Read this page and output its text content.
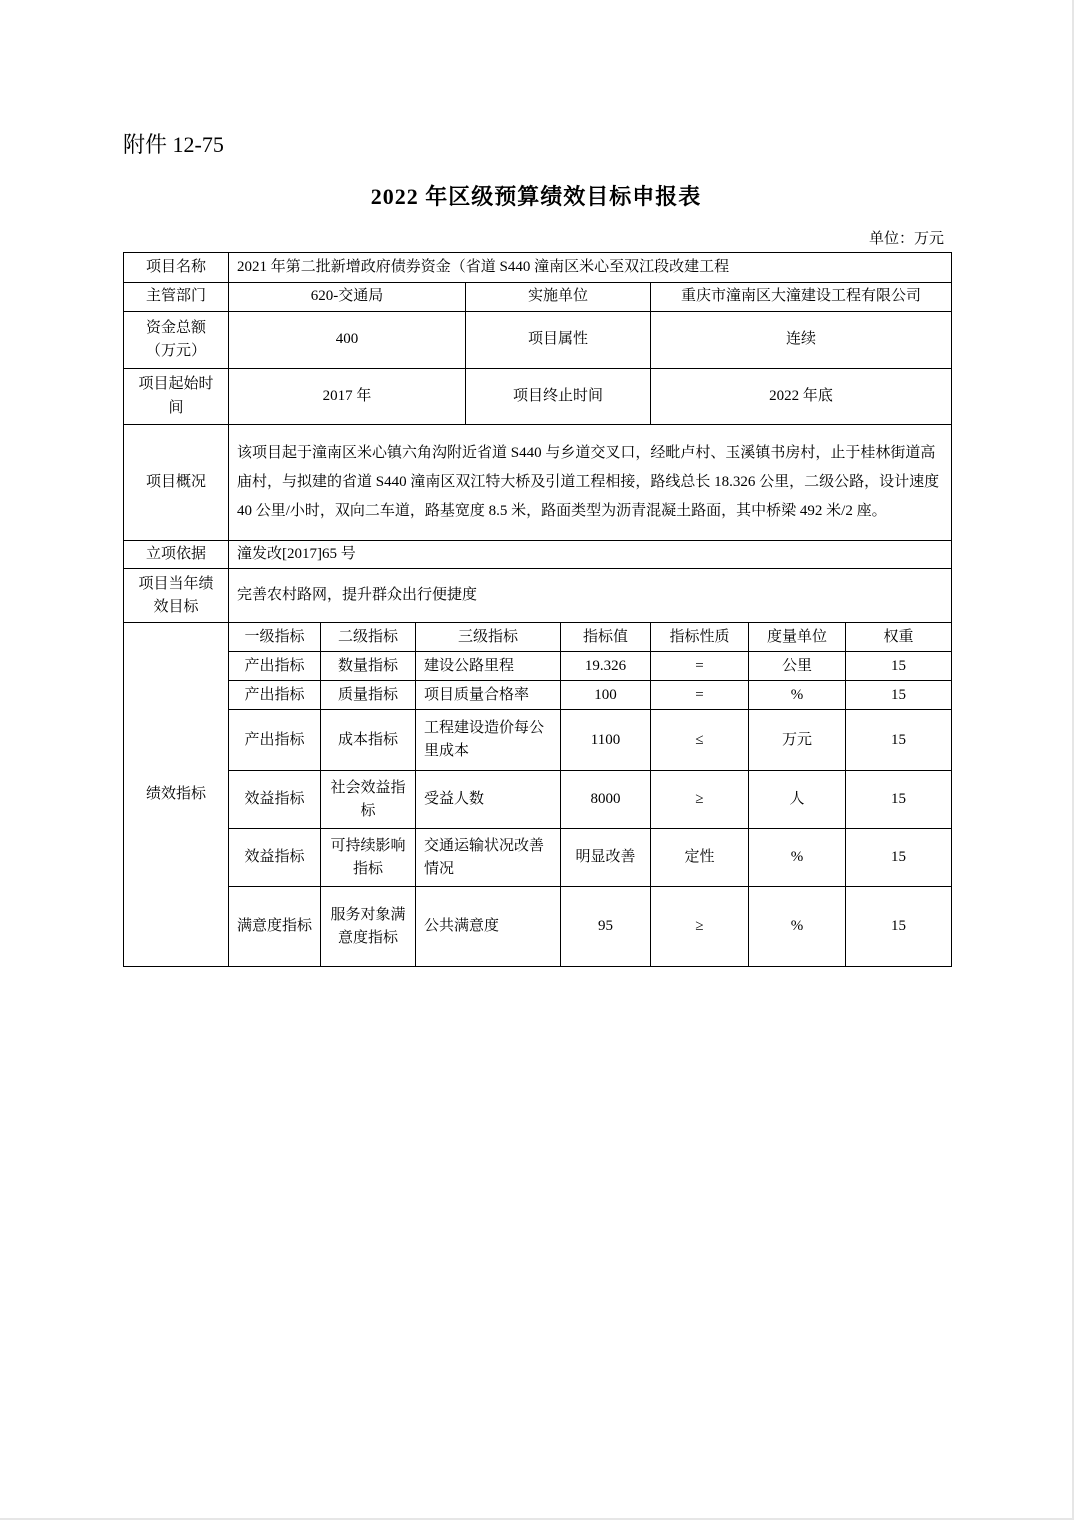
附件 12-75
2022 年区级预算绩效目标申报表
单位：万元
项目名称	2021 年第二批新增政府债券资金（省道 S440 潼南区米心至双江段改建工程							
主管部门	620-交通局			实施单位		重庆市潼南区大潼建设工程有限公司		
资金总额（万元）	400			项目属性		连续		
项目起始时间	2017 年			项目终止时间		2022 年底		
项目概况	该项目起于潼南区米心镇六角沟附近省道 S440 与乡道交叉口，经毗卢村、玉溪镇书房村，止于桂林街道高庙村，与拟建的省道 S440 潼南区双江特大桥及引道工程相接，路线总长 18.326 公里，二级公路，设计速度 40 公里/小时，双向二车道，路基宽度 8.5 米，路面类型为沥青混凝土路面，其中桥梁 492 米/2 座。							
立项依据	潼发改[2017]65 号							
项目当年绩效目标	完善农村路网，提升群众出行便捷度							
绩效指标	一级指标	二级指标	三级指标		指标值	指标性质	度量单位	权重
	产出指标	数量指标	建设公路里程		19.326	=	公里	15
	产出指标	质量指标	项目质量合格率		100	=	%	15
	产出指标	成本指标	工程建设造价每公里成本		1100	≤	万元	15
	效益指标	社会效益指标	受益人数		8000	≥	人	15
	效益指标	可持续影响指标	交通运输状况改善情况		明显改善	定性	%	15
	满意度指标	服务对象满意度指标	公共满意度		95	≥	%	15
